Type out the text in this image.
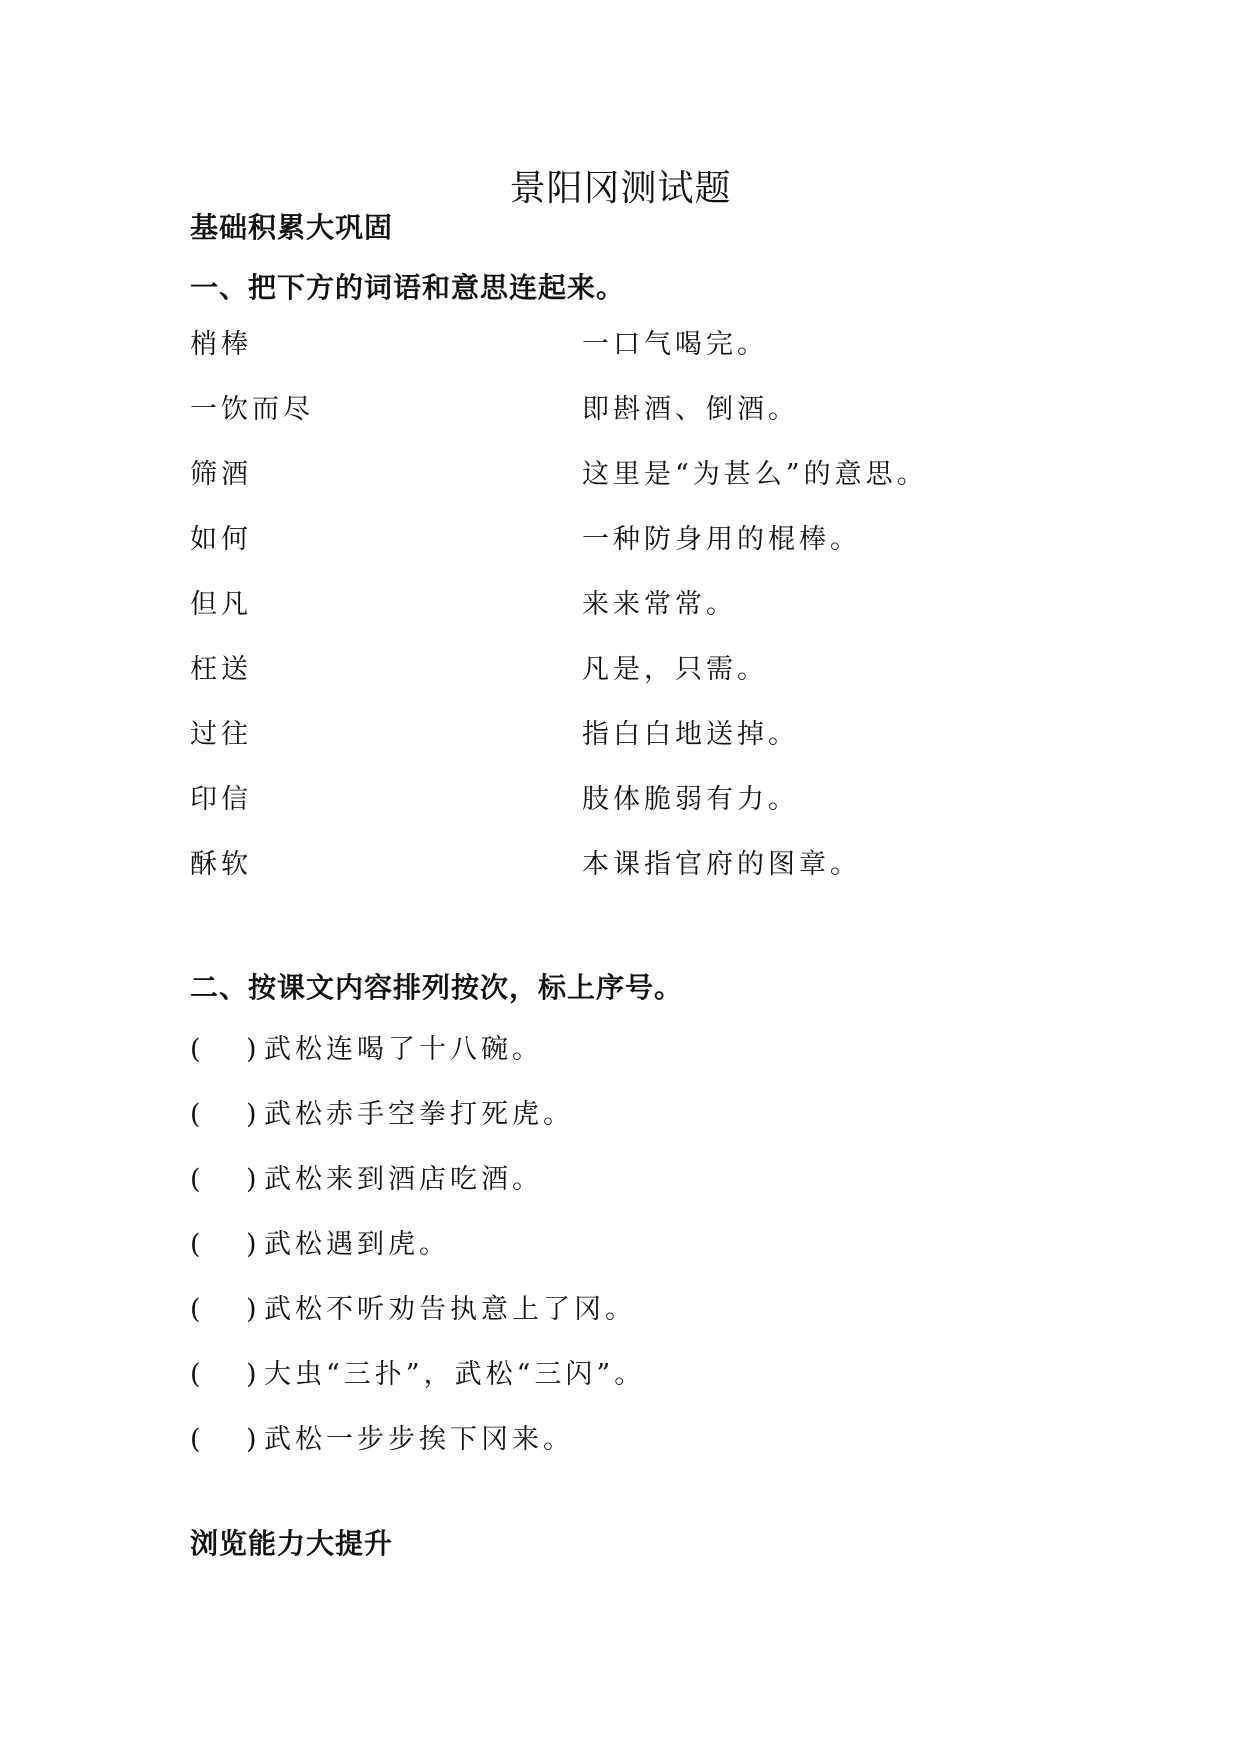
景阳冈测试题
基础积累大巩固
一、把下方的词语和意思连起来。
梢棒	一口气喝完。
一饮而尽	即斟酒、倒酒。
筛酒	这里是“为甚么”的意思。
如何	一种防身用的棍棒。
但凡	来来常常。
枉送	凡是，只需。
过往	指白白地送掉。
印信	肢体脆弱有力。
酥软	本课指官府的图章。
二、按课文内容排列按次，标上序号。
( ) 武松连喝了十八碗。
( ) 武松赤手空拳打死虎。
( ) 武松来到酒店吃酒。
( ) 武松遇到虎。
( ) 武松不听劝告执意上了冈。
( ) 大虫“三扑”，武松“三闪”。
( ) 武松一步步挨下冈来。
浏览能力大提升
